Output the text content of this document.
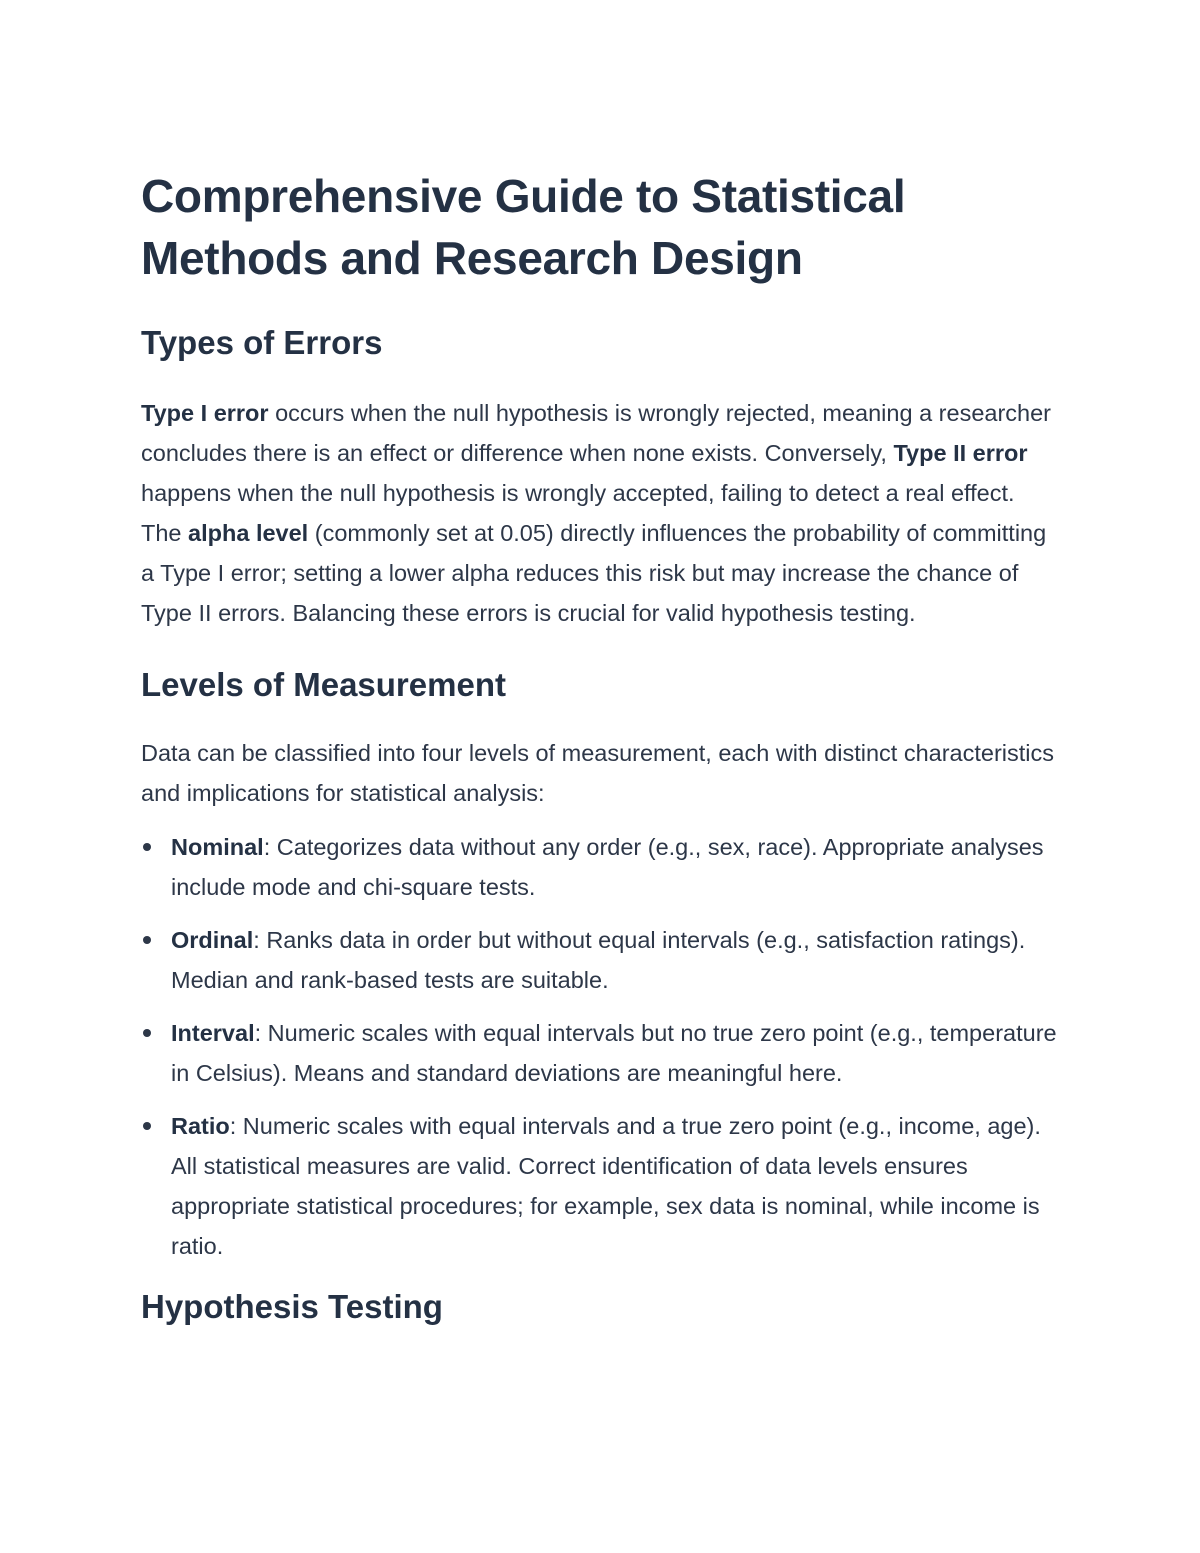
Comprehensive Guide to Statistical Methods and Research Design
Types of Errors

Type I error occurs when the null hypothesis is wrongly rejected, meaning a researcher concludes there is an effect or difference when none exists. Conversely, Type II error happens when the null hypothesis is wrongly accepted, failing to detect a real effect. The alpha level (commonly set at 0.05) directly influences the probability of committing a Type I error; setting a lower alpha reduces this risk but may increase the chance of Type II errors. Balancing these errors is crucial for valid hypothesis testing.

Levels of Measurement

Data can be classified into four levels of measurement, each with distinct characteristics and implications for statistical analysis:

Nominal: Categorizes data without any order (e.g., sex, race). Appropriate analyses include mode and chi-square tests.
Ordinal: Ranks data in order but without equal intervals (e.g., satisfaction ratings). Median and rank-based tests are suitable.
Interval: Numeric scales with equal intervals but no true zero point (e.g., temperature in Celsius). Means and standard deviations are meaningful here.
Ratio: Numeric scales with equal intervals and a true zero point (e.g., income, age). All statistical measures are valid. Correct identification of data levels ensures appropriate statistical procedures; for example, sex data is nominal, while income is ratio.
Hypothesis Testing
